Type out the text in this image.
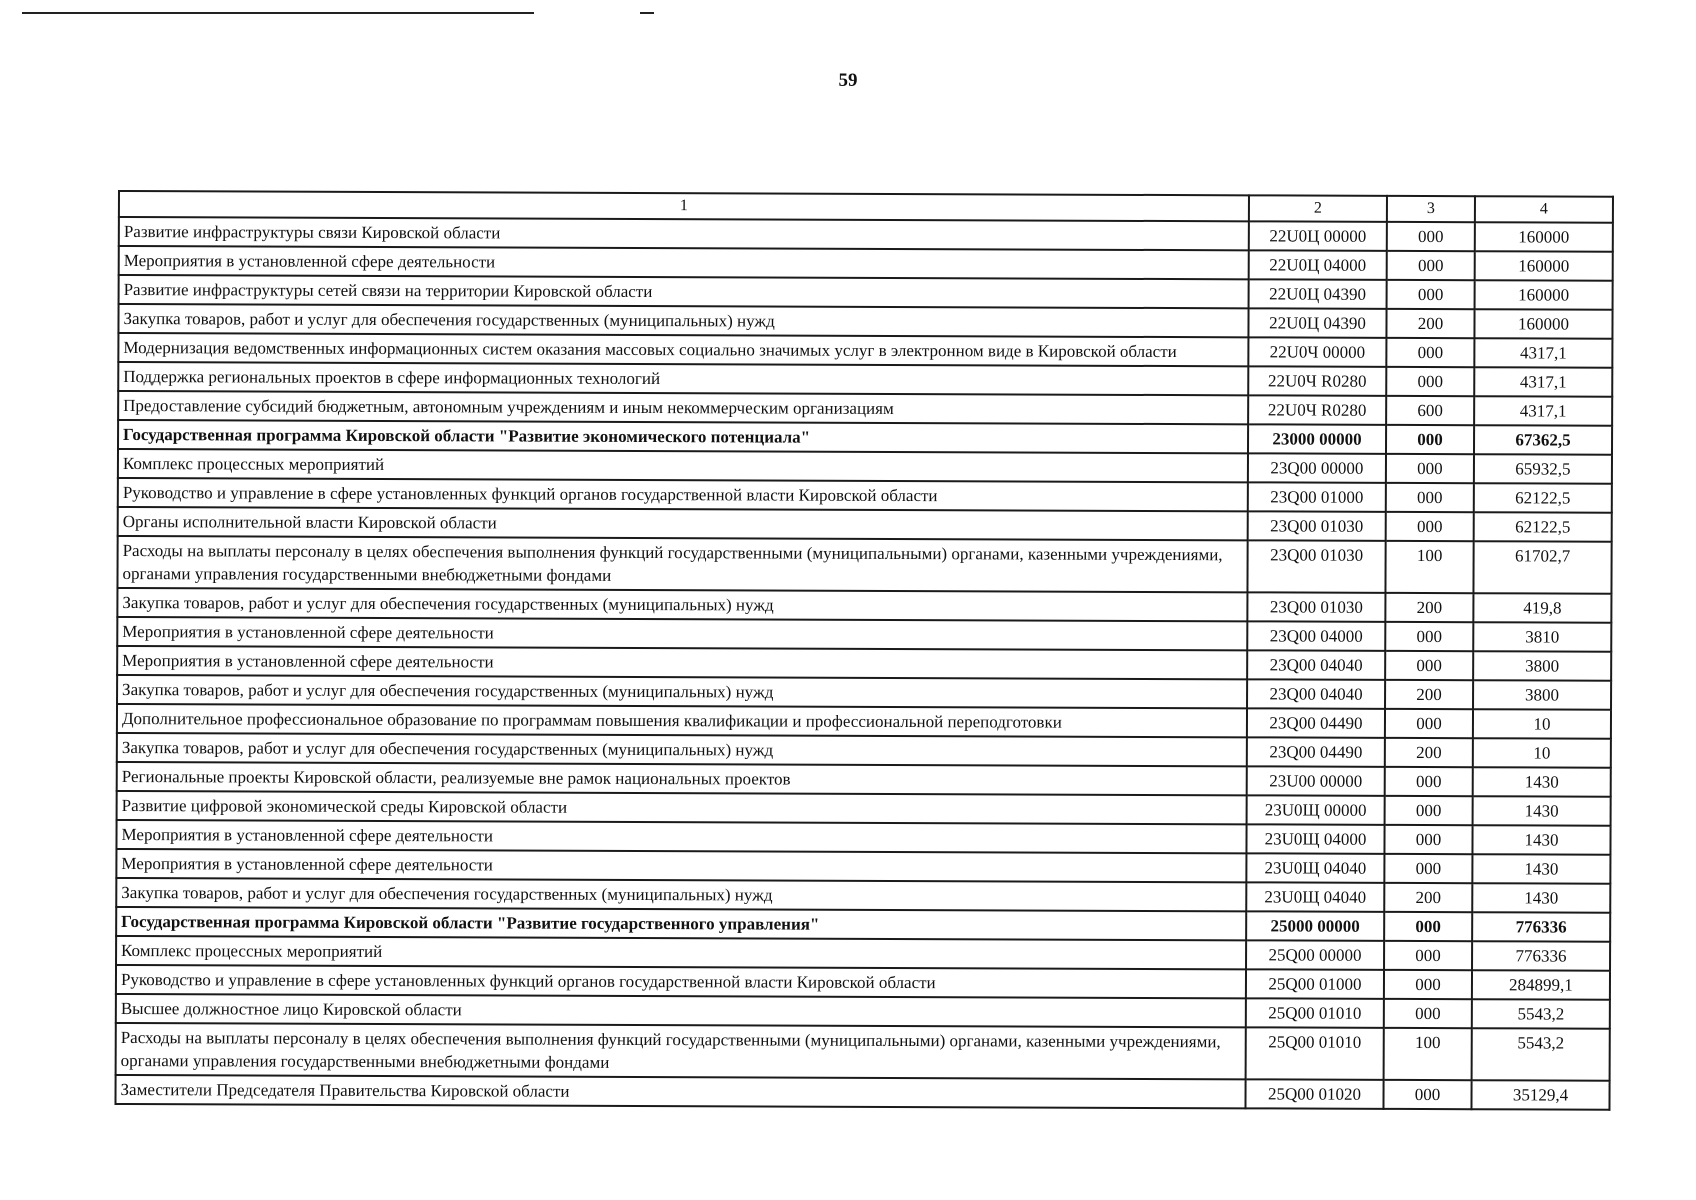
59
1	2	3	4
Развитие инфраструктуры связи Кировской области	22U0Ц 00000	000	160000
Мероприятия в установленной сфере деятельности	22U0Ц 04000	000	160000
Развитие инфраструктуры сетей связи на территории Кировской области	22U0Ц 04390	000	160000
Закупка товаров, работ и услуг для обеспечения государственных (муниципальных) нужд	22U0Ц 04390	200	160000
Модернизация ведомственных информационных систем оказания массовых социально значимых услуг в электронном виде в Кировской области	22U0Ч 00000	000	4317,1
Поддержка региональных проектов в сфере информационных технологий	22U0Ч R0280	000	4317,1
Предоставление субсидий бюджетным, автономным учреждениям и иным некоммерческим организациям	22U0Ч R0280	600	4317,1
Государственная программа Кировской области "Развитие экономического потенциала"	23000 00000	000	67362,5
Комплекс процессных мероприятий	23Q00 00000	000	65932,5
Руководство и управление в сфере установленных функций органов государственной власти Кировской области	23Q00 01000	000	62122,5
Органы исполнительной власти Кировской области	23Q00 01030	000	62122,5
Расходы на выплаты персоналу в целях обеспечения выполнения функций государственными (муниципальными) органами, казенными учреждениями, органами управления государственными внебюджетными фондами	23Q00 01030	100	61702,7
Закупка товаров, работ и услуг для обеспечения государственных (муниципальных) нужд	23Q00 01030	200	419,8
Мероприятия в установленной сфере деятельности	23Q00 04000	000	3810
Мероприятия в установленной сфере деятельности	23Q00 04040	000	3800
Закупка товаров, работ и услуг для обеспечения государственных (муниципальных) нужд	23Q00 04040	200	3800
Дополнительное профессиональное образование по программам повышения квалификации и профессиональной переподготовки	23Q00 04490	000	10
Закупка товаров, работ и услуг для обеспечения государственных (муниципальных) нужд	23Q00 04490	200	10
Региональные проекты Кировской области, реализуемые вне рамок национальных проектов	23U00 00000	000	1430
Развитие цифровой экономической среды Кировской области	23U0Щ 00000	000	1430
Мероприятия в установленной сфере деятельности	23U0Щ 04000	000	1430
Мероприятия в установленной сфере деятельности	23U0Щ 04040	000	1430
Закупка товаров, работ и услуг для обеспечения государственных (муниципальных) нужд	23U0Щ 04040	200	1430
Государственная программа Кировской области "Развитие государственного управления"	25000 00000	000	776336
Комплекс процессных мероприятий	25Q00 00000	000	776336
Руководство и управление в сфере установленных функций органов государственной власти Кировской области	25Q00 01000	000	284899,1
Высшее должностное лицо Кировской области	25Q00 01010	000	5543,2
Расходы на выплаты персоналу в целях обеспечения выполнения функций государственными (муниципальными) органами, казенными учреждениями, органами управления государственными внебюджетными фондами	25Q00 01010	100	5543,2
Заместители Председателя Правительства Кировской области	25Q00 01020	000	35129,4
